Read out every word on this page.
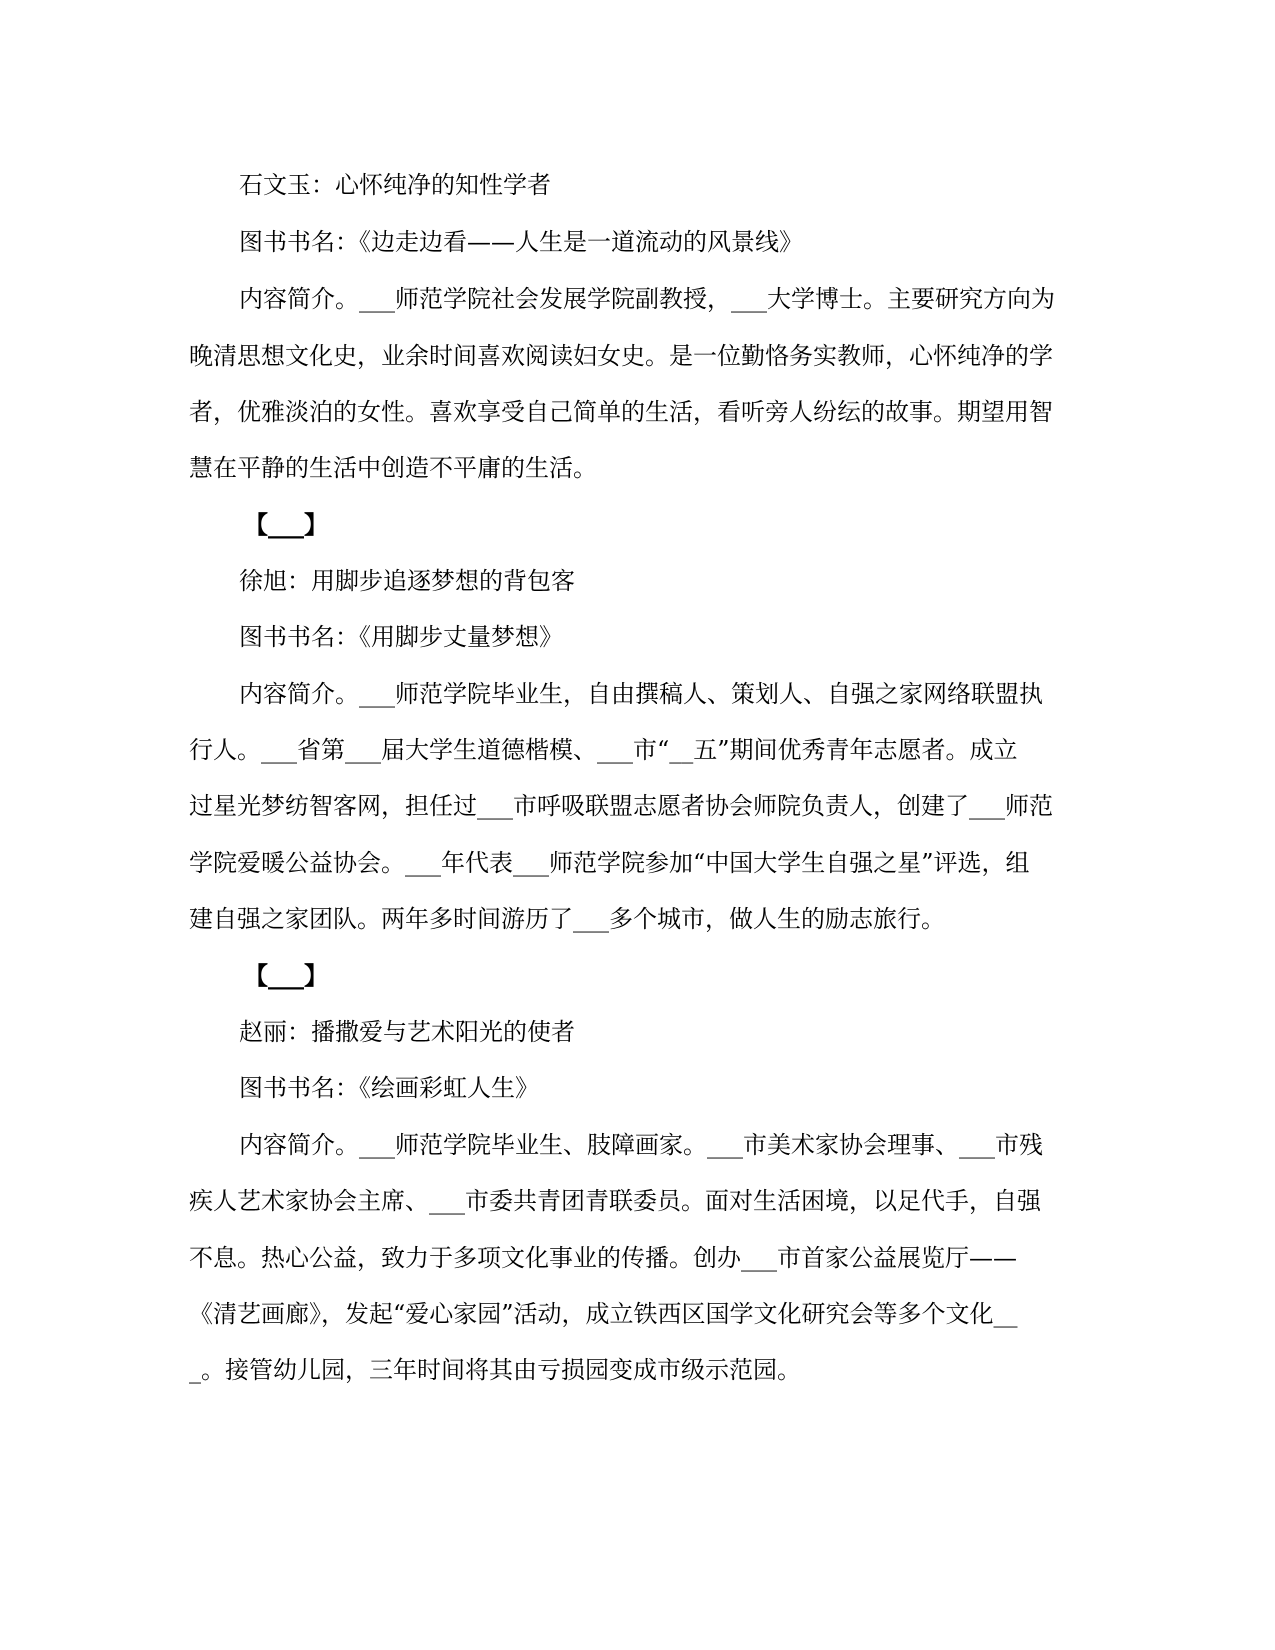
石文玉：心怀纯净的知性学者
图书书名：《边走边看——人生是一道流动的风景线》
内容简介。___师范学院社会发展学院副教授，___大学博士。主要研究方向为
晚清思想文化史，业余时间喜欢阅读妇女史。是一位勤恪务实教师，心怀纯净的学
者，优雅淡泊的女性。喜欢享受自己简单的生活，看听旁人纷纭的故事。期望用智
慧在平静的生活中创造不平庸的生活。
【___】
徐旭：用脚步追逐梦想的背包客
图书书名：《用脚步丈量梦想》
内容简介。___师范学院毕业生，自由撰稿人、策划人、自强之家网络联盟执
行人。___省第___届大学生道德楷模、___市“__五”期间优秀青年志愿者。成立
过星光梦纺智客网，担任过___市呼吸联盟志愿者协会师院负责人，创建了___师范
学院爱暖公益协会。___年代表___师范学院参加“中国大学生自强之星”评选，组
建自强之家团队。两年多时间游历了___多个城市，做人生的励志旅行。
【___】
赵丽：播撒爱与艺术阳光的使者
图书书名：《绘画彩虹人生》
内容简介。___师范学院毕业生、肢障画家。___市美术家协会理事、___市残
疾人艺术家协会主席、___市委共青团青联委员。面对生活困境，以足代手，自强
不息。热心公益，致力于多项文化事业的传播。创办___市首家公益展览厅——
《清艺画廊》，发起“爱心家园”活动，成立铁西区国学文化研究会等多个文化__
_。接管幼儿园，三年时间将其由亏损园变成市级示范园。
